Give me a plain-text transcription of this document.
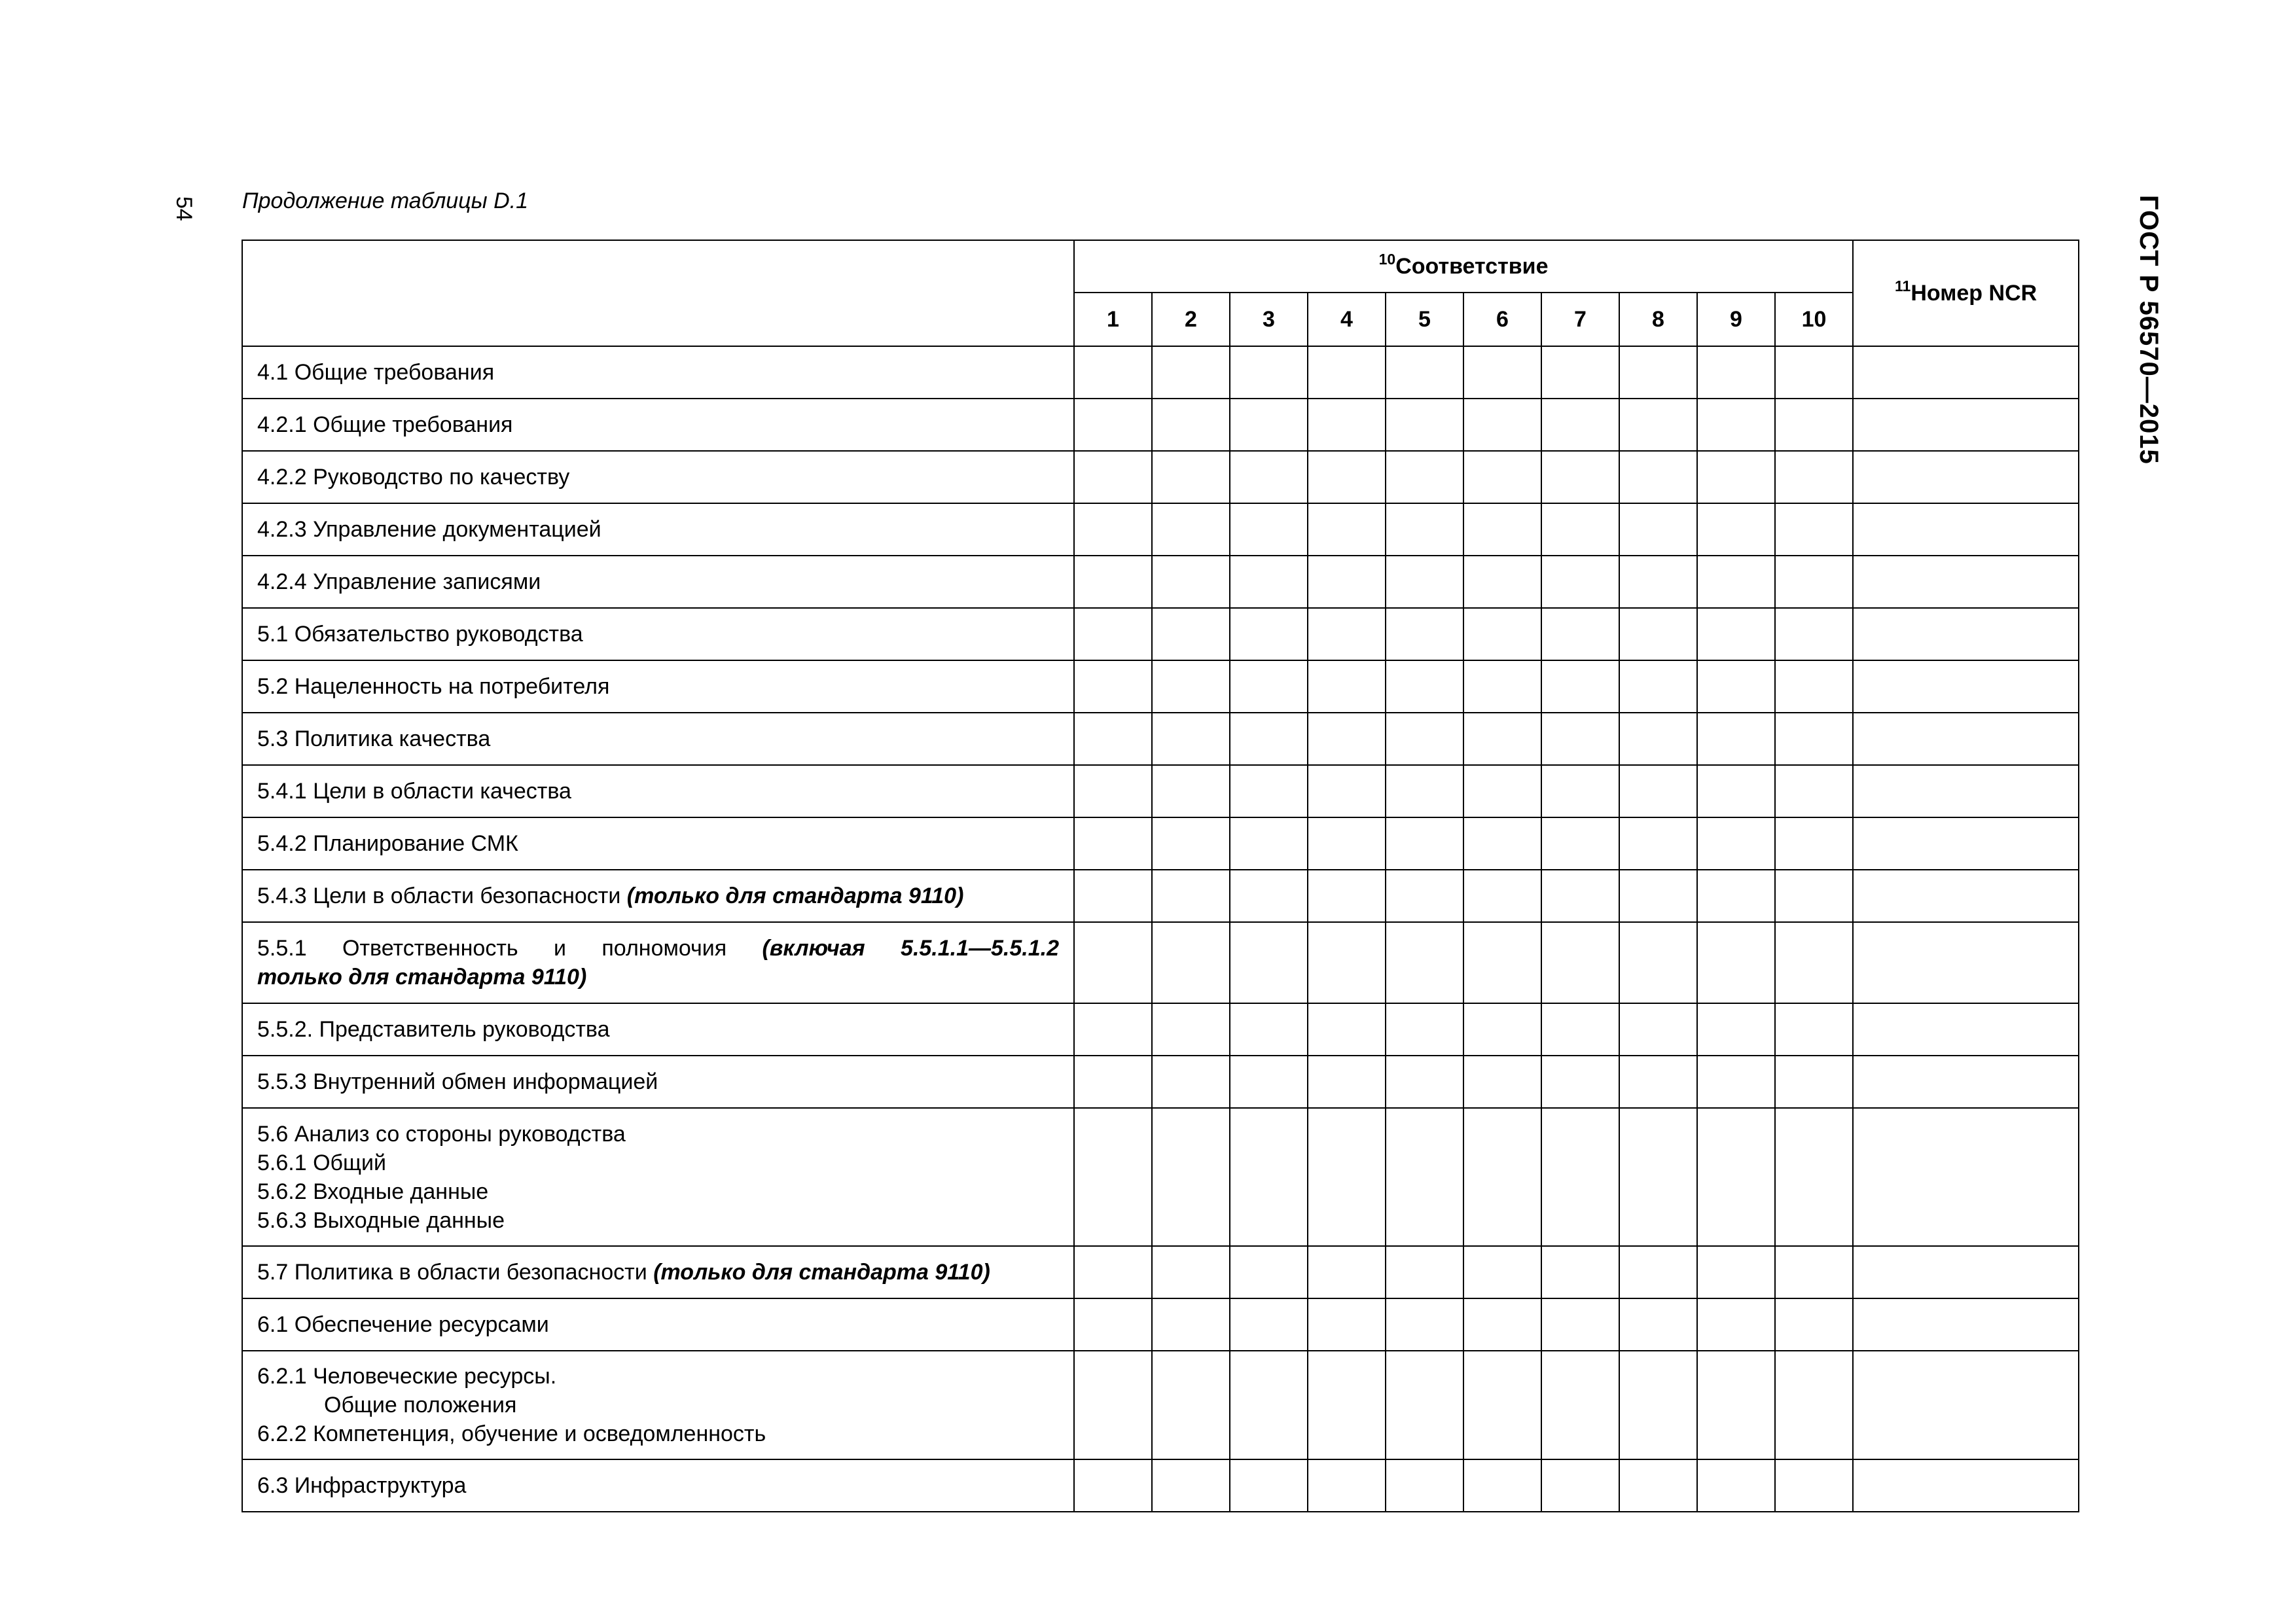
54 Продолжение таблицы D.1	ГОСТ Р 56570—2015
	$^{10}$Соответствие										$^{11}$Номер NCR
	1	2	3	4	5	6	7	8	9	10	

4.1 Общие требования											

4.2.1 Общие требования											

4.2.2 Руководство по качеству											

4.2.3 Управление документацией											

4.2.4 Управление записями											

5.1 Обязательство руководства											

5.2 Нацеленность на потребителя											

5.3 Политика качества											

5.4.1 Цели в области качества											

5.4.2 Планирование СМК											

5.4.3 Цели в области безопасности (только для стандарта 9110)											

5.5.1 Ответственность и полномочия (включая 5.5.1.1—5.5.1.2
только для стандарта 9110)											

5.5.2. Представитель руководства											

5.5.3 Внутренний обмен информацией											

5.6 Анализ со стороны руководства
5.6.1 Общий
5.6.2 Входные данные
5.6.3 Выходные данные											

5.7 Политика в области безопасности (только для стандарта 9110)											

6.1 Обеспечение ресурсами											

6.2.1 Человеческие ресурсы.
Общие положения
6.2.2 Компетенция, обучение и осведомленность											

6.3 Инфраструктура											
